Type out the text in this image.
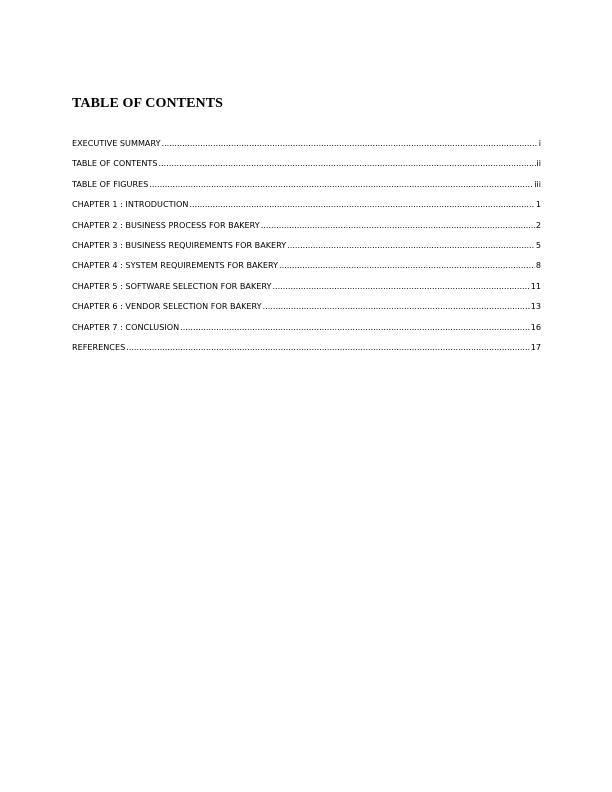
TABLE OF CONTENTS
EXECUTIVE SUMMARY .....	i
TABLE OF CONTENTS .....	ii
TABLE OF FIGURES .....	iii
CHAPTER 1 : INTRODUCTION .....	1
CHAPTER 2 : BUSINESS PROCESS FOR BAKERY .....	2
CHAPTER 3 : BUSINESS REQUIREMENTS FOR BAKERY .....	5
CHAPTER 4 : SYSTEM REQUIREMENTS FOR BAKERY .....	8
CHAPTER 5 : SOFTWARE SELECTION FOR BAKERY .....	11
CHAPTER 6 : VENDOR SELECTION FOR BAKERY .....	13
CHAPTER 7 : CONCLUSION .....	16
REFERENCES .....	17
